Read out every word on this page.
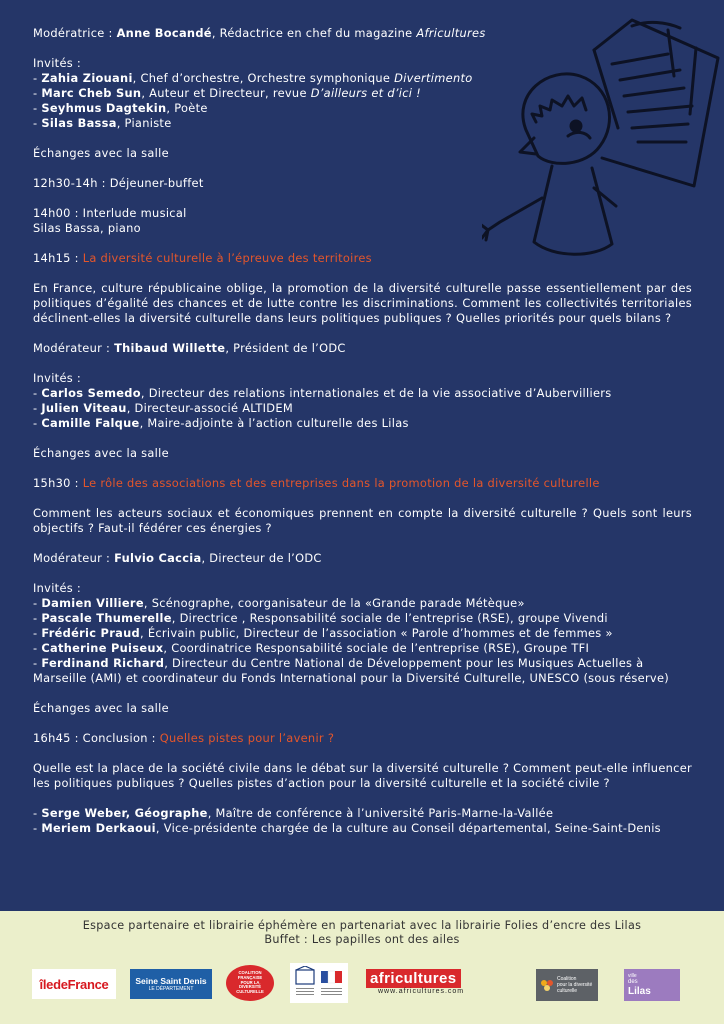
Modératrice : Anne Bocandé, Rédactrice en chef du magazine Africultures

Invités :

- Zahia Ziouani, Chef d’orchestre, Orchestre symphonique Divertimento

- Marc Cheb Sun, Auteur et Directeur, revue D’ailleurs et d’ici !

- Seyhmus Dagtekin, Poète

- Silas Bassa, Pianiste

Échanges avec la salle

12h30-14h : Déjeuner-buffet

14h00 : Interlude musical

Silas Bassa, piano

14h15 : La diversité culturelle à l’épreuve des territoires

En France, culture républicaine oblige, la promotion de la diversité culturelle passe essentiellement par des politiques d’égalité des chances et de lutte contre les discriminations. Comment les collectivités territoriales déclinent-elles la diversité culturelle dans leurs politiques publiques ? Quelles priorités pour quels bilans ?

Modérateur : Thibaud Willette, Président de l’ODC

Invités :

- Carlos Semedo, Directeur des relations internationales et de la vie associative d’Aubervilliers

- Julien Viteau, Directeur-associé ALTIDEM

- Camille Falque, Maire-adjointe à l’action culturelle des Lilas

Échanges avec la salle

15h30 : Le rôle des associations et des entreprises dans la promotion de la diversité culturelle

Comment les acteurs sociaux et économiques prennent en compte la diversité culturelle ? Quels sont leurs objectifs ? Faut-il fédérer ces énergies ?

Modérateur : Fulvio Caccia, Directeur de l’ODC

Invités :

- Damien Villiere, Scénographe, coorganisateur de la «Grande parade Métèque»

- Pascale Thumerelle, Directrice , Responsabilité sociale de l’entreprise (RSE), groupe Vivendi

- Frédéric Praud, Écrivain public, Directeur de l’association « Parole d’hommes et de femmes »

- Catherine Puiseux, Coordinatrice Responsabilité sociale de l’entreprise (RSE), Groupe TFI

- Ferdinand Richard, Directeur du Centre National de Développement pour les Musiques Actuelles à Marseille (AMI) et coordinateur du Fonds International pour la Diversité Culturelle, UNESCO (sous réserve)

Échanges avec la salle

16h45 : Conclusion : Quelles pistes pour l’avenir ?

Quelle est la place de la société civile dans le débat sur la diversité culturelle ? Comment peut-elle influencer les politiques publiques ? Quelles pistes d’action pour la diversité culturelle et la société civile ?

- Serge Weber, Géographe, Maître de conférence à l’université Paris-Marne-la-Vallée

- Meriem Derkaoui, Vice-présidente chargée de la culture au Conseil départemental, Seine-Saint-Denis

Espace partenaire et librairie éphémère en partenariat avec la librairie Folies d’encre des Lilas
Buffet : Les papilles ont des ailes
îledeFrance	Seine Saint Denis
LE DÉPARTEMENT
COALITION
FRANÇAISE
POUR LA
DIVERSITÉ
CULTURELLE
africultures
www.africultures.com
Coalition
pour la diversité
culturelle
ville
des
Lilas
